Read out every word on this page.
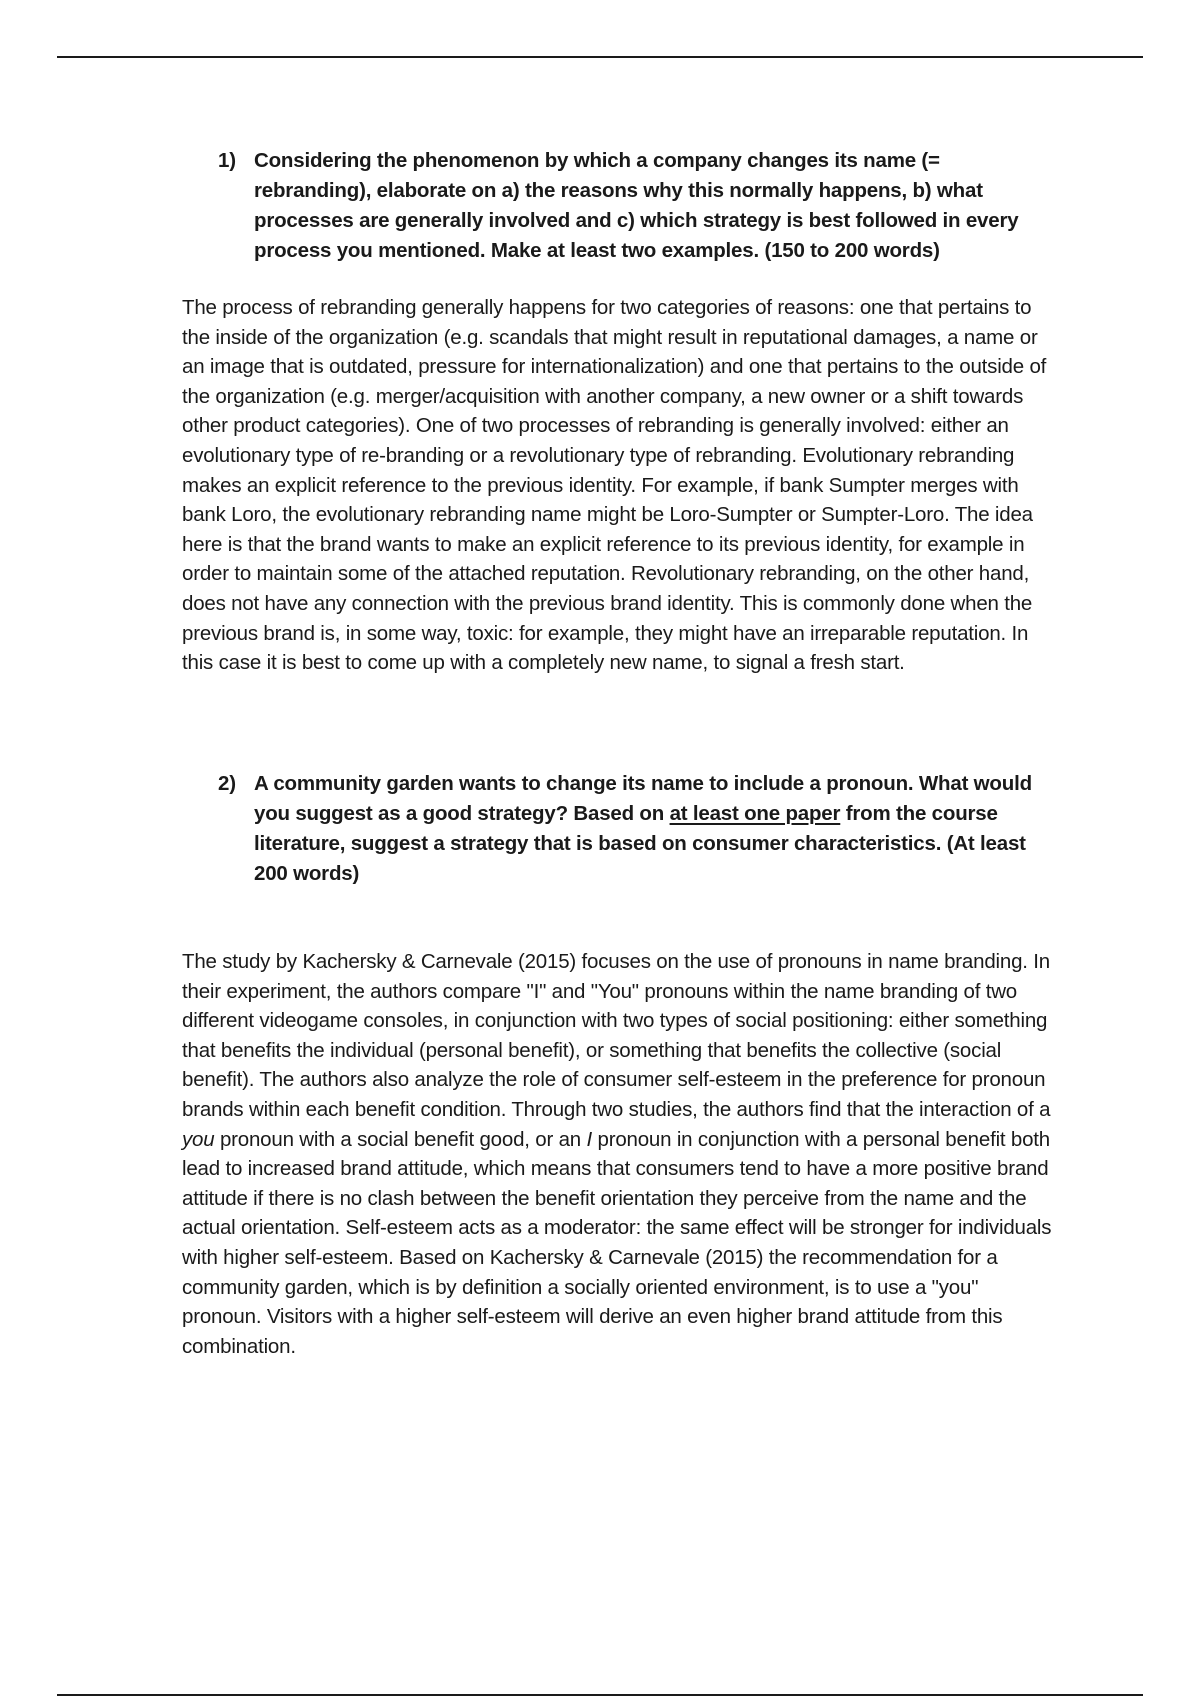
1) Considering the phenomenon by which a company changes its name (= rebranding), elaborate on a) the reasons why this normally happens, b) what processes are generally involved and c) which strategy is best followed in every process you mentioned. Make at least two examples. (150 to 200 words)
The process of rebranding generally happens for two categories of reasons: one that pertains to the inside of the organization (e.g. scandals that might result in reputational damages, a name or an image that is outdated, pressure for internationalization) and one that pertains to the outside of the organization (e.g. merger/acquisition with another company, a new owner or a shift towards other product categories). One of two processes of rebranding is generally involved: either an evolutionary type of re-branding or a revolutionary type of rebranding. Evolutionary rebranding makes an explicit reference to the previous identity. For example, if bank Sumpter merges with bank Loro, the evolutionary rebranding name might be Loro-Sumpter or Sumpter-Loro. The idea here is that the brand wants to make an explicit reference to its previous identity, for example in order to maintain some of the attached reputation. Revolutionary rebranding, on the other hand, does not have any connection with the previous brand identity. This is commonly done when the previous brand is, in some way, toxic: for example, they might have an irreparable reputation. In this case it is best to come up with a completely new name, to signal a fresh start.
2) A community garden wants to change its name to include a pronoun. What would you suggest as a good strategy? Based on at least one paper from the course literature, suggest a strategy that is based on consumer characteristics. (At least 200 words)
The study by Kachersky & Carnevale (2015) focuses on the use of pronouns in name branding. In their experiment, the authors compare "I" and "You" pronouns within the name branding of two different videogame consoles, in conjunction with two types of social positioning: either something that benefits the individual (personal benefit), or something that benefits the collective (social benefit). The authors also analyze the role of consumer self-esteem in the preference for pronoun brands within each benefit condition. Through two studies, the authors find that the interaction of a you pronoun with a social benefit good, or an I pronoun in conjunction with a personal benefit both lead to increased brand attitude, which means that consumers tend to have a more positive brand attitude if there is no clash between the benefit orientation they perceive from the name and the actual orientation. Self-esteem acts as a moderator: the same effect will be stronger for individuals with higher self-esteem. Based on Kachersky & Carnevale (2015) the recommendation for a community garden, which is by definition a socially oriented environment, is to use a "you" pronoun. Visitors with a higher self-esteem will derive an even higher brand attitude from this combination.
